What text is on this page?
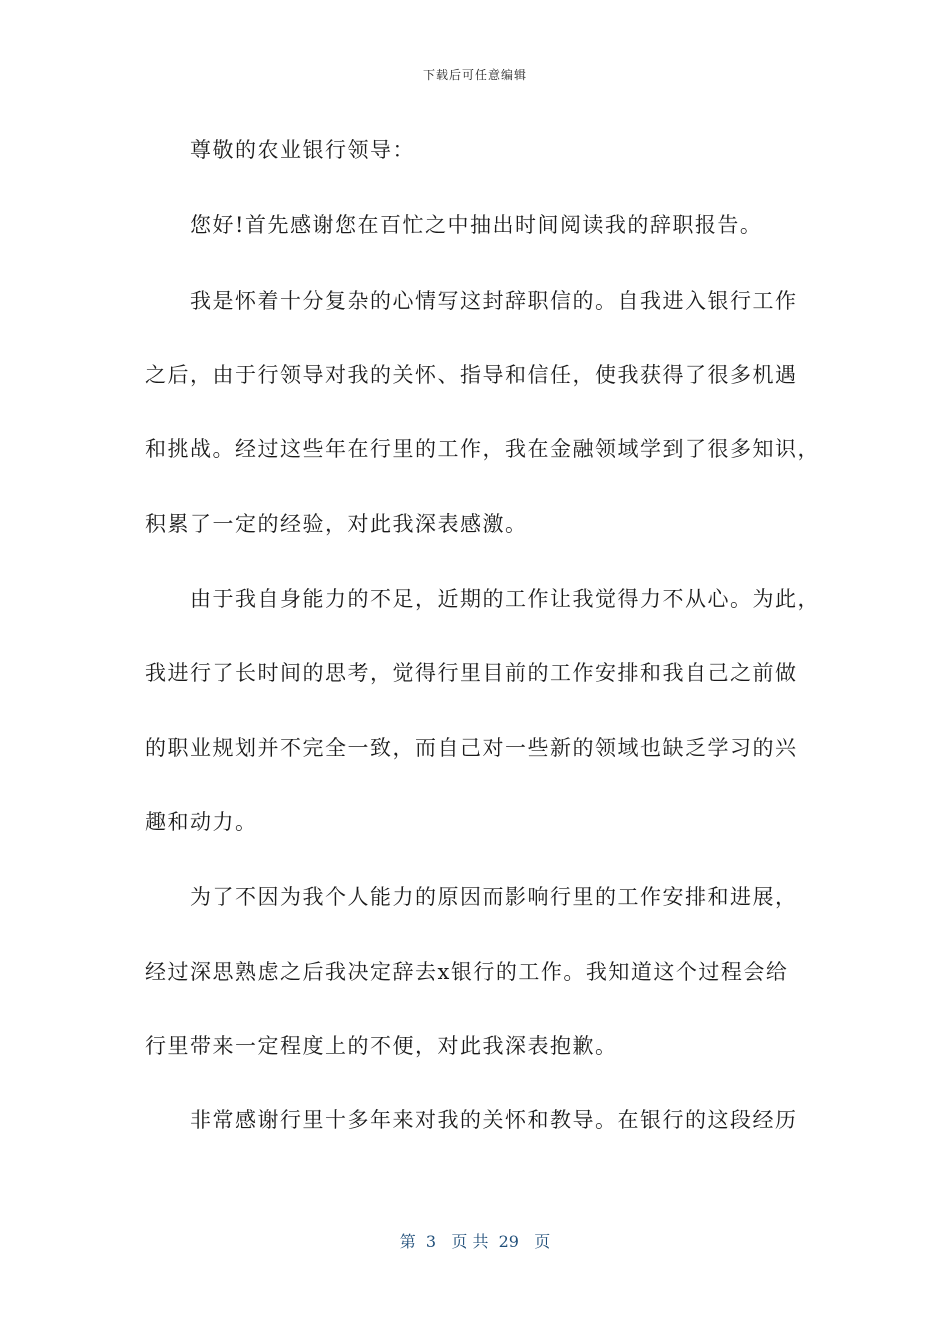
下载后可任意编辑
尊敬的农业银行领导：
您好!首先感谢您在百忙之中抽出时间阅读我的辞职报告。
我是怀着十分复杂的心情写这封辞职信的。自我进入银行工作
之后，由于行领导对我的关怀、指导和信任，使我获得了很多机遇
和挑战。经过这些年在行里的工作，我在金融领域学到了很多知识，
积累了一定的经验，对此我深表感激。
由于我自身能力的不足，近期的工作让我觉得力不从心。为此，
我进行了长时间的思考，觉得行里目前的工作安排和我自己之前做
的职业规划并不完全一致，而自己对一些新的领域也缺乏学习的兴
趣和动力。
为了不因为我个人能力的原因而影响行里的工作安排和进展，
经过深思熟虑之后我决定辞去x银行的工作。我知道这个过程会给
行里带来一定程度上的不便，对此我深表抱歉。
非常感谢行里十多年来对我的关怀和教导。在银行的这段经历
第  3   页 共  29   页
